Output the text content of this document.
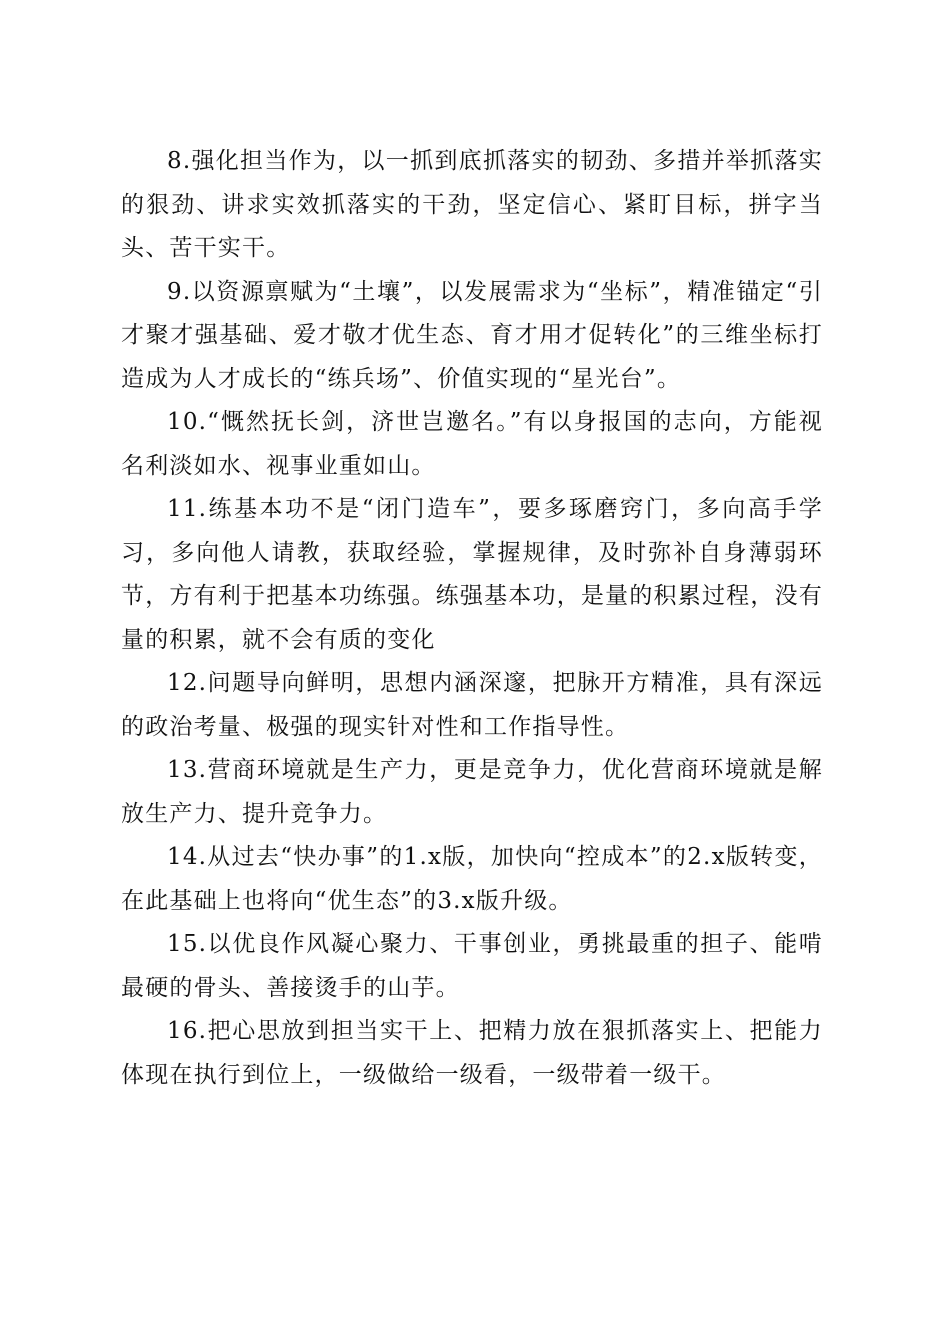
8.强化担当作为，以一抓到底抓落实的韧劲、多措并举抓落实的狠劲、讲求实效抓落实的干劲，坚定信心、紧盯目标，拼字当头、苦干实干。

9.以资源禀赋为“土壤”，以发展需求为“坐标”，精准锚定“引才聚才强基础、爱才敬才优生态、育才用才促转化”的三维坐标打造成为人才成长的“练兵场”、价值实现的“星光台”。

10.“慨然抚长剑，济世岂邀名。”有以身报国的志向，方能视名利淡如水、视事业重如山。

11.练基本功不是“闭门造车”，要多琢磨窍门，多向高手学习，多向他人请教，获取经验，掌握规律，及时弥补自身薄弱环节，方有利于把基本功练强。练强基本功，是量的积累过程，没有量的积累，就不会有质的变化

12.问题导向鲜明，思想内涵深邃，把脉开方精准，具有深远的政治考量、极强的现实针对性和工作指导性。

13.营商环境就是生产力，更是竞争力，优化营商环境就是解放生产力、提升竞争力。

14.从过去“快办事”的1.x版，加快向“控成本”的2.x版转变，在此基础上也将向“优生态”的3.x版升级。

15.以优良作风凝心聚力、干事创业，勇挑最重的担子、能啃最硬的骨头、善接烫手的山芋。

16.把心思放到担当实干上、把精力放在狠抓落实上、把能力体现在执行到位上，一级做给一级看，一级带着一级干。
